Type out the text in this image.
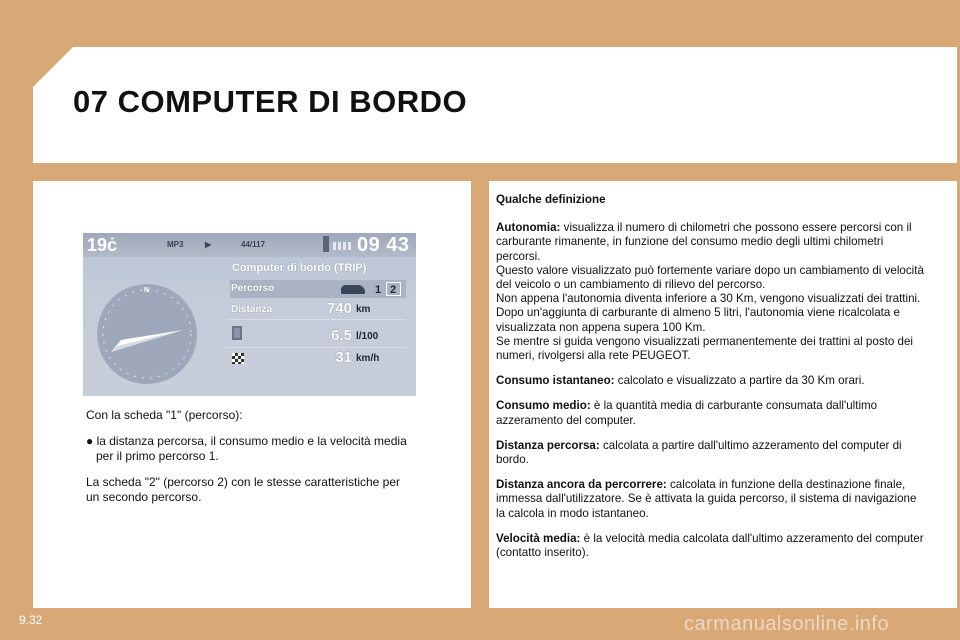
07 COMPUTER DI BORDO
19ċ	MP3	▶	44/117	09 43
Computer di bordo (TRIP)
Percorso	1 2
Distanza	740 km
6.5 l/100
31 km/h
N

Con la scheda "1" (percorso):

● la distanza percorsa, il consumo medio e la velocità media per il primo percorso 1.

La scheda "2" (percorso 2) con le stesse caratteristiche per un secondo percorso.

Qualche definizione

Autonomia: visualizza il numero di chilometri che possono essere percorsi con il carburante rimanente, in funzione del consumo medio degli ultimi chilometri percorsi.
Questo valore visualizzato può fortemente variare dopo un cambiamento di velocità del veicolo o un cambiamento di rilievo del percorso.
Non appena l'autonomia diventa inferiore a 30 Km, vengono visualizzati dei trattini. Dopo un'aggiunta di carburante di almeno 5 litri, l'autonomia viene ricalcolata e visualizzata non appena supera 100 Km.
Se mentre si guida vengono visualizzati permanentemente dei trattini al posto dei numeri, rivolgersi alla rete PEUGEOT.

Consumo istantaneo: calcolato e visualizzato a partire da 30 Km orari.

Consumo medio: è la quantità media di carburante consumata dall'ultimo azzeramento del computer.

Distanza percorsa: calcolata a partire dall'ultimo azzeramento del computer di bordo.

Distanza ancora da percorrere: calcolata in funzione della destinazione finale, immessa dall'utilizzatore. Se è attivata la guida percorso, il sistema di navigazione la calcola in modo istantaneo.

Velocità media: è la velocità media calcolata dall'ultimo azzeramento del computer (contatto inserito).

9.32	carmanualsonline.info
